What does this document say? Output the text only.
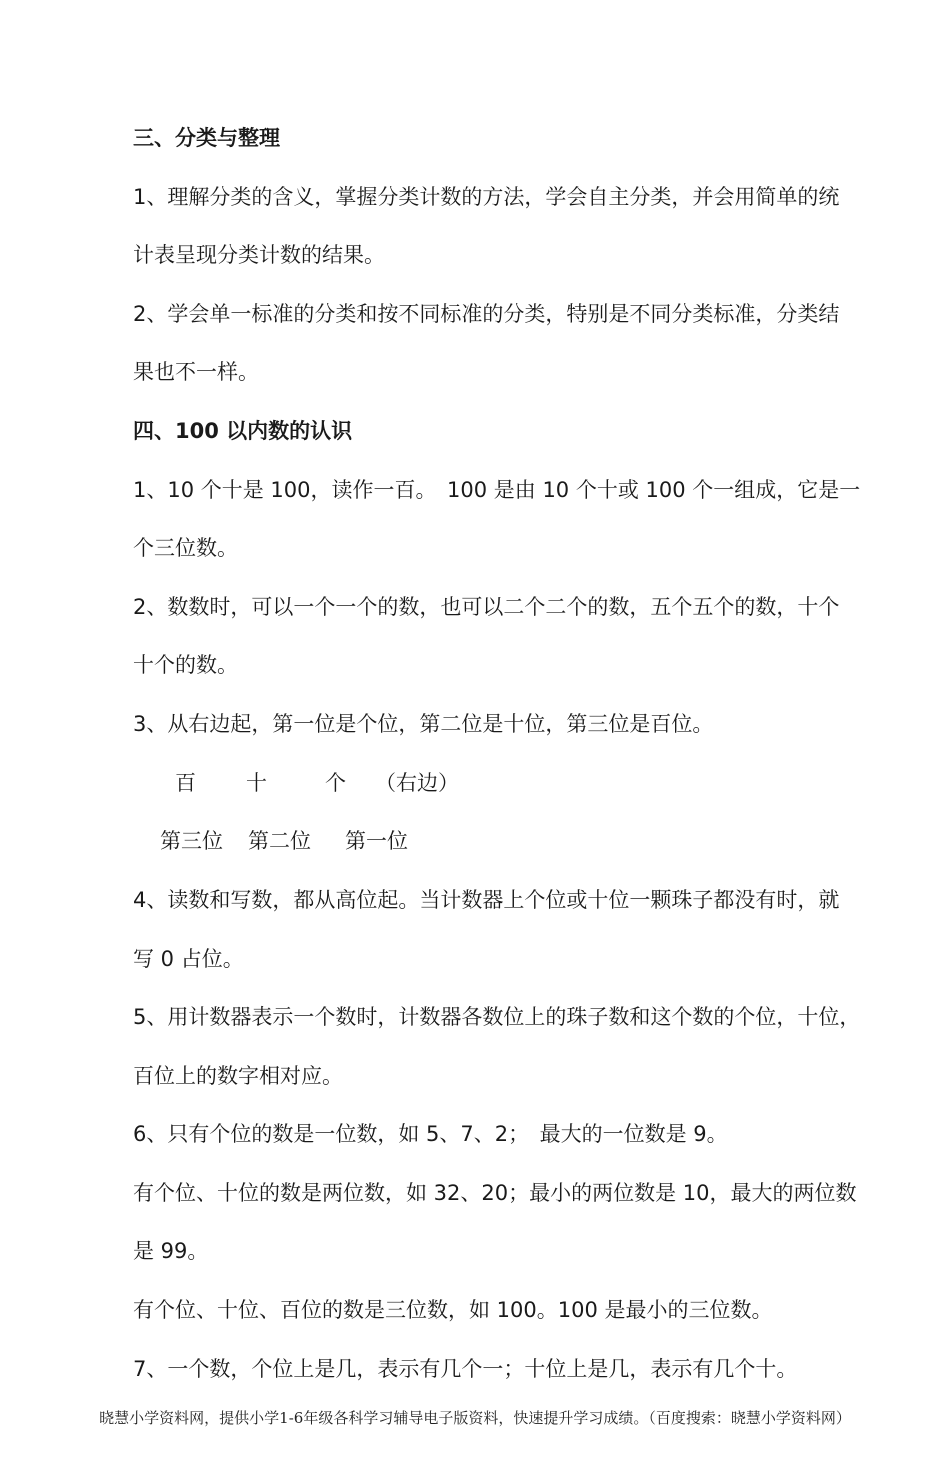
三、分类与整理
1、理解分类的含义，掌握分类计数的方法，学会自主分类，并会用简单的统
计表呈现分类计数的结果。
2、学会单一标准的分类和按不同标准的分类，特别是不同分类标准，分类结
果也不一样。
四、100 以内数的认识
1、10 个十是 100，读作一百。　100 是由 10 个十或 100 个一组成，它是一
个三位数。
2、数数时，可以一个一个的数，也可以二个二个的数，五个五个的数，十个
十个的数。
3、从右边起，第一位是个位，第二位是十位，第三位是百位。
百 十	个 （右边）
第三位 第二位 第一位
4、读数和写数，都从高位起。当计数器上个位或十位一颗珠子都没有时，就
写 0 占位。
5、用计数器表示一个数时，计数器各数位上的珠子数和这个数的个位，十位，
百位上的数字相对应。
6、只有个位的数是一位数，如 5、7、2；　最大的一位数是 9。
有个位、十位的数是两位数，如 32、20；最小的两位数是 10，最大的两位数
是 99。
有个位、十位、百位的数是三位数，如 100。100 是最小的三位数。
7、一个数，个位上是几，表示有几个一；十位上是几，表示有几个十。
晓慧小学资料网，提供小学1-6年级各科学习辅导电子版资料，快速提升学习成绩。（百度搜索：晓慧小学资料网）
